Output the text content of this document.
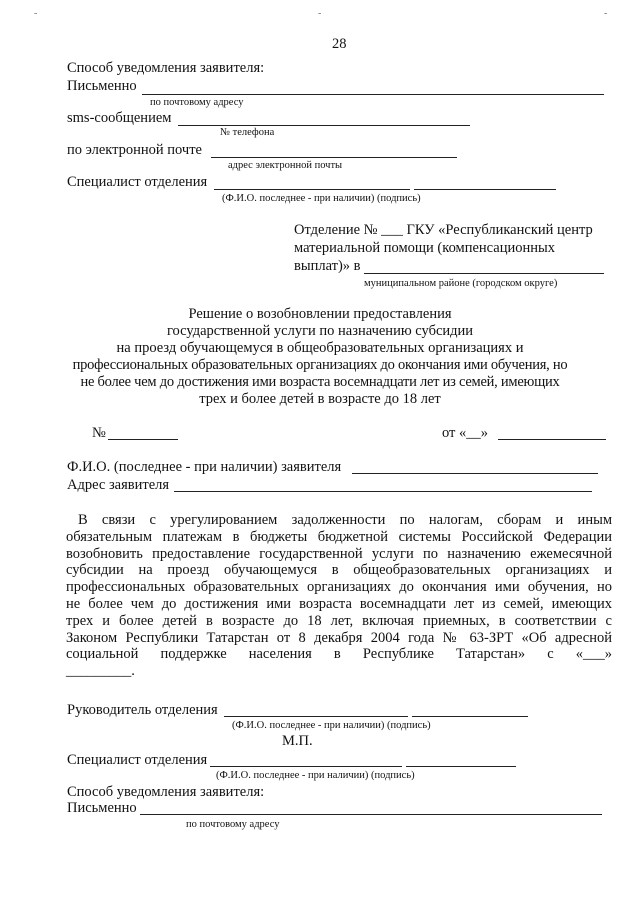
-	-	-
28
Способ уведомления заявителя:
Письменно
по почтовому адресу
sms-сообщением
№ телефона
по электронной почте
адрес электронной почты
Специалист отделения
(Ф.И.О. последнее - при наличии) (подпись)
Отделение № ___ ГКУ «Республиканский центр
материальной помощи (компенсационных
выплат)» в
муниципальном районе (городском округе)
Решение о возобновлении предоставления
государственной услуги по назначению субсидии
на проезд обучающемуся в общеобразовательных организациях и
профессиональных образовательных организациях до окончания ими обучения, но
не более чем до достижения ими возраста восемнадцати лет из семей, имеющих
трех и более детей в возрасте до 18 лет
№	от «__»
Ф.И.О. (последнее - при наличии) заявителя
Адрес заявителя
В связи с урегулированием задолженности по налогам, сборам и иным
обязательным платежам в бюджеты бюджетной системы Российской Федерации
возобновить предоставление государственной услуги по назначению ежемесячной
субсидии на проезд обучающемуся в общеобразовательных организациях и
профессиональных образовательных организациях до окончания ими обучения, но
не более чем до достижения ими возраста восемнадцати лет из семей, имеющих
трех и более детей в возрасте до 18 лет, включая приемных, в соответствии с
Законом Республики Татарстан от 8 декабря 2004 года № 63-ЗРТ «Об адресной
социальной поддержке населения в Республике Татарстан» с «___»
_________.
Руководитель отделения
(Ф.И.О. последнее - при наличии) (подпись)
М.П.
Специалист отделения
(Ф.И.О. последнее - при наличии) (подпись)
Способ уведомления заявителя:
Письменно
по почтовому адресу
